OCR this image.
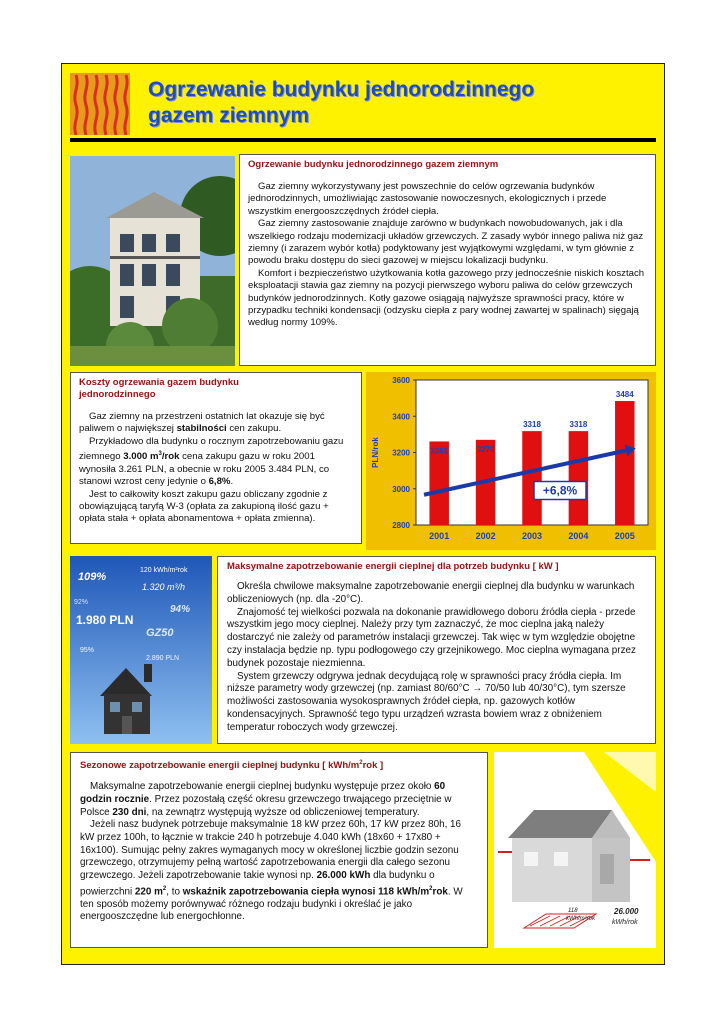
Ogrzewanie budynku jednorodzinnego
gazem ziemnym
Ogrzewanie budynku jednorodzinnego gazem ziemnym

Gaz ziemny wykorzystywany jest powszechnie do celów ogrzewania budynków jednorodzinnych, umożliwiając zastosowanie nowoczesnych, ekologicznych i przede wszystkim energooszczędnych źródeł ciepła.

Gaz ziemny zastosowanie znajduje zarówno w budynkach nowobudowanych, jak i dla wszelkiego rodzaju modernizacji układów grzewczych. Z zasady wybór innego paliwa niż gaz ziemny (i zarazem wybór kotła) podyktowany jest wyjątkowymi względami, w tym głównie z powodu braku dostępu do sieci gazowej w miejscu lokalizacji budynku.

Komfort i bezpieczeństwo użytkowania kotła gazowego przy jednocześnie niskich kosztach eksploatacji stawia gaz ziemny na pozycji pierwszego wyboru paliwa do celów grzewczych budynków jednorodzinnych. Kotły gazowe osiągają najwyższe sprawności pracy, które w przypadku techniki kondensacji (odzysku ciepła z pary wodnej zawartej w spalinach) sięgają według normy 109%.

Koszty ogrzewania gazem budynku jednorodzinnego

Gaz ziemny na przestrzeni ostatnich lat okazuje się być paliwem o największej stabilności cen zakupu.

Przykładowo dla budynku o rocznym zapotrzebowaniu gazu ziemnego 3.000 $m^3$/rok cena zakupu gazu w roku 2001 wynosiła 3.261 PLN, a obecnie w roku 2005 3.484 PLN, co stanowi wzrost ceny jedynie o 6,8%.

Jest to całkowity koszt zakupu gazu obliczany zgodnie z obowiązującą taryfą W-3 (opłata za zakupioną ilość gazu + opłata stała + opłata abonamentowa + opłata zmienna).

2800
3000
3200
3400
3600
PLN/rok	3261
2001
3270
2002
3318
2003
3318
2004
3484
2005
+6,8%
120 kWh/m²rok
109%
1.320 m³/h
92%
94%
1.980 PLN
GZ50
95%
2.890 PLN
Maksymalne zapotrzebowanie energii cieplnej dla potrzeb budynku [ kW ]

Określa chwilowe maksymalne zapotrzebowanie energii cieplnej dla budynku w warunkach obliczeniowych (np. dla -20°C).

Znajomość tej wielkości pozwala na dokonanie prawidłowego doboru źródła ciepła - przede wszystkim jego mocy cieplnej. Należy przy tym zaznaczyć, że moc cieplna jaką należy dostarczyć nie zależy od parametrów instalacji grzewczej. Tak więc w tym względzie obojętne czy instalacja będzie np. typu podłogowego czy grzejnikowego. Moc cieplna wymagana przez budynek pozostaje niezmienna.

System grzewczy odgrywa jednak decydującą rolę w sprawności pracy źródła ciepła. Im niższe parametry wody grzewczej (np. zamiast 80/60°C → 70/50 lub 40/30°C), tym szersze możliwości zastosowania wysokosprawnych źródeł ciepła, np. gazowych kotłów kondensacyjnych. Sprawność tego typu urządzeń wzrasta bowiem wraz z obniżeniem temperatur roboczych wody grzewczej.

Sezonowe zapotrzebowanie energii cieplnej budynku [ kWh/$m^2rok$ ]

Maksymalne zapotrzebowanie energii cieplnej budynku występuje przez około 60 godzin rocznie. Przez pozostałą część okresu grzewczego trwającego przeciętnie w Polsce 230 dni, na zewnątrz występują wyższe od obliczeniowej temperatury.

Jeżeli nasz budynek potrzebuje maksymalnie 18 kW przez 60h, 17 kW przez 80h, 16 kW przez 100h, to łącznie w trakcie 240 h potrzebuje 4.040 kWh (18x60 + 17x80 + 16x100). Sumując pełny zakres wymaganych mocy w określonej liczbie godzin sezonu grzewczego, otrzymujemy pełną wartość zapotrzebowania energii dla całego sezonu grzewczego. Jeżeli zapotrzebowanie takie wynosi np. 26.000 kWh dla budynku o powierzchni 220 $m^2$, to wskaźnik zapotrzebowania ciepła wynosi 118 kWh/$m^2rok$. W ten sposób możemy porównywać różnego rodzaju budynki i określać je jako energooszczędne lub energochłonne.	26.000
kWh/rok
118
kWh/m²rok
